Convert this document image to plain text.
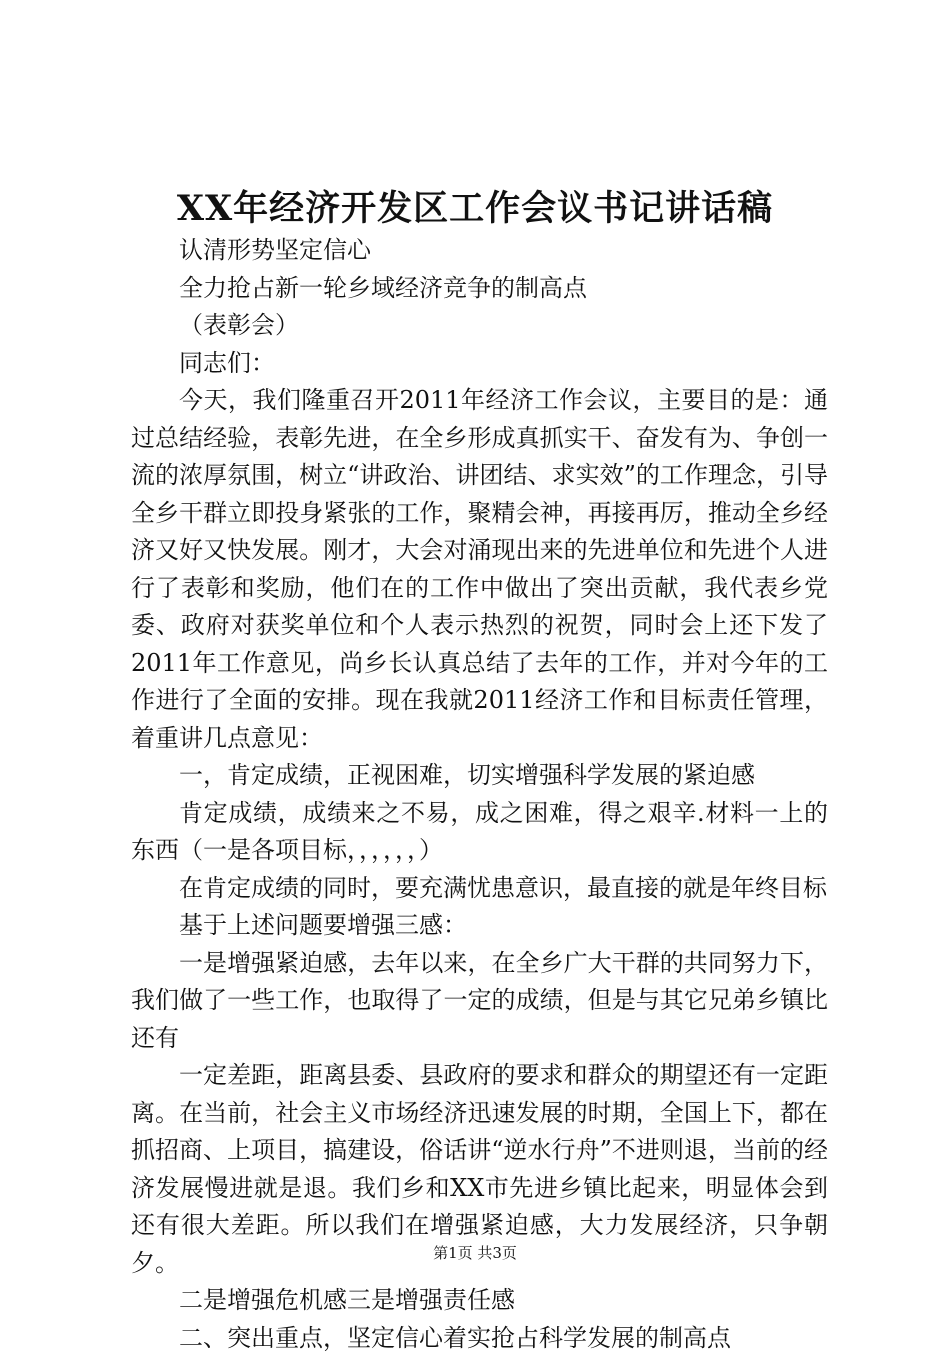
XX年经济开发区工作会议书记讲话稿

认清形势坚定信心

全力抢占新一轮乡域经济竞争的制高点

（表彰会）

同志们：

今天，我们隆重召开2011年经济工作会议，主要目的是：通过总结经验，表彰先进，在全乡形成真抓实干、奋发有为、争创一流的浓厚氛围，树立“讲政治、讲团结、求实效”的工作理念，引导全乡干群立即投身紧张的工作，聚精会神，再接再厉，推动全乡经济又好又快发展。刚才，大会对涌现出来的先进单位和先进个人进行了表彰和奖励，他们在的工作中做出了突出贡献，我代表乡党委、政府对获奖单位和个人表示热烈的祝贺，同时会上还下发了2011年工作意见，尚乡长认真总结了去年的工作，并对今年的工作进行了全面的安排。现在我就2011经济工作和目标责任管理，着重讲几点意见：

一，肯定成绩，正视困难，切实增强科学发展的紧迫感

肯定成绩，成绩来之不易，成之困难，得之艰辛.材料一上的东西（一是各项目标，，，，，，）

在肯定成绩的同时，要充满忧患意识，最直接的就是年终目标

基于上述问题要增强三感：

一是增强紧迫感，去年以来，在全乡广大干群的共同努力下，我们做了一些工作，也取得了一定的成绩，但是与其它兄弟乡镇比还有

一定差距，距离县委、县政府的要求和群众的期望还有一定距离。在当前，社会主义市场经济迅速发展的时期，全国上下，都在抓招商、上项目，搞建设，俗话讲“逆水行舟”不进则退，当前的经济发展慢进就是退。我们乡和XX市先进乡镇比起来，明显体会到还有很大差距。所以我们在增强紧迫感，大力发展经济，只争朝夕。

二是增强危机感三是增强责任感

二、突出重点，坚定信心着实抢占科学发展的制高点

第1页 共3页
